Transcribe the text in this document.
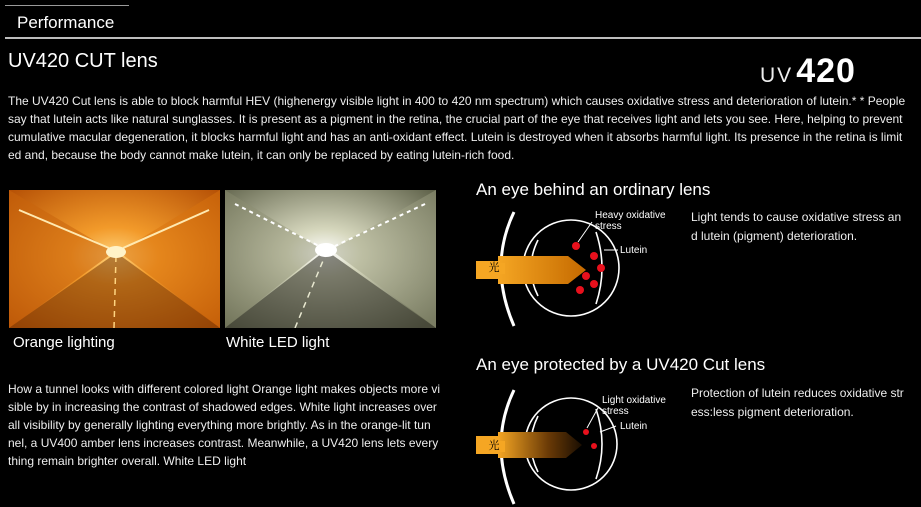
Performance
UV420 CUT lens
UV 420
The UV420 Cut lens is able to block harmful HEV (highenergy visible light in 400 to 420 nm spectrum) which causes oxidative stress and deterioration of lutein.* * People say that lutein acts like natural sunglasses. It is present as a pigment in the retina, the crucial part of the eye that receives light and lets you see. Here, helping to prevent cumulative macular degeneration, it blocks harmful light and has an anti-oxidant effect. Lutein is destroyed when it absorbs harmful light. Its presence in the retina is limit ed and, because the body cannot make lutein, it can only be replaced by eating lutein-rich food.
Orange lighting	White LED light
How a tunnel looks with different colored light Orange light makes objects more vi sible by in increasing the contrast of shadowed edges. White light increases over all visibility by generally lighting everything more brightly. As in the orange-lit tun nel, a UV400 amber lens increases contrast. Meanwhile, a UV420 lens lets every thing remain brighter overall. White LED light
An eye behind an ordinary lens
光
Heavy oxidative
stress
Lutein
Light tends to cause oxidative stress an d lutein (pigment) deterioration.
An eye protected by a UV420 Cut lens
光
Light oxidative
stress
Lutein
Protection of lutein reduces oxidative str ess:less pigment deterioration.
